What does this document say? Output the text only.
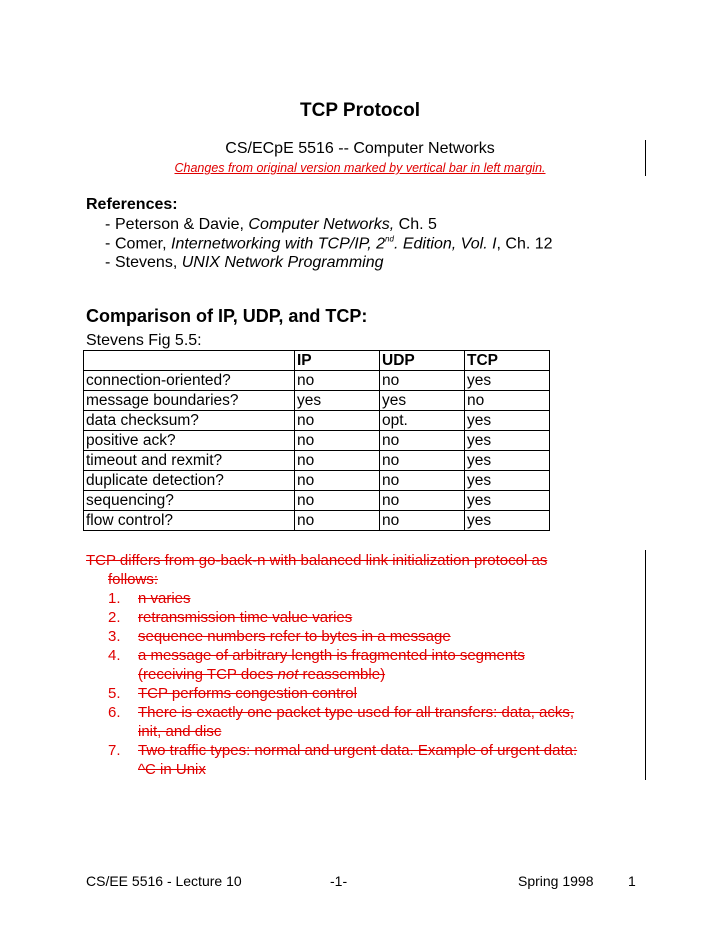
TCP Protocol
CS/ECpE 5516 -- Computer Networks
Changes from original version marked by vertical bar in left margin.
References:
- Peterson & Davie, Computer Networks, Ch. 5
- Comer, Internetworking with TCP/IP, 2nd. Edition, Vol. I, Ch. 12
- Stevens, UNIX Network Programming
Comparison of IP, UDP, and TCP:
Stevens Fig 5.5:
	IP	UDP	TCP
connection-oriented?	no	no	yes
message boundaries?	yes	yes	no
data checksum?	no	opt.	yes
positive ack?	no	no	yes
timeout and rexmit?	no	no	yes
duplicate detection?	no	no	yes
sequencing?	no	no	yes
flow control?	no	no	yes
TCP differs from go-back-n with balanced link initialization protocol as
follows:
1. n varies
2. retransmission time value varies
3. sequence numbers refer to bytes in a message
4. a message of arbitrary length is fragmented into segments
(receiving TCP does not reassemble)
5. TCP performs congestion control
6. There is exactly one packet type used for all transfers: data, acks,
init, and disc
7. Two traffic types: normal and urgent data. Example of urgent data:
^C in Unix
CS/EE 5516 - Lecture 10	-1-	Spring 1998 1
